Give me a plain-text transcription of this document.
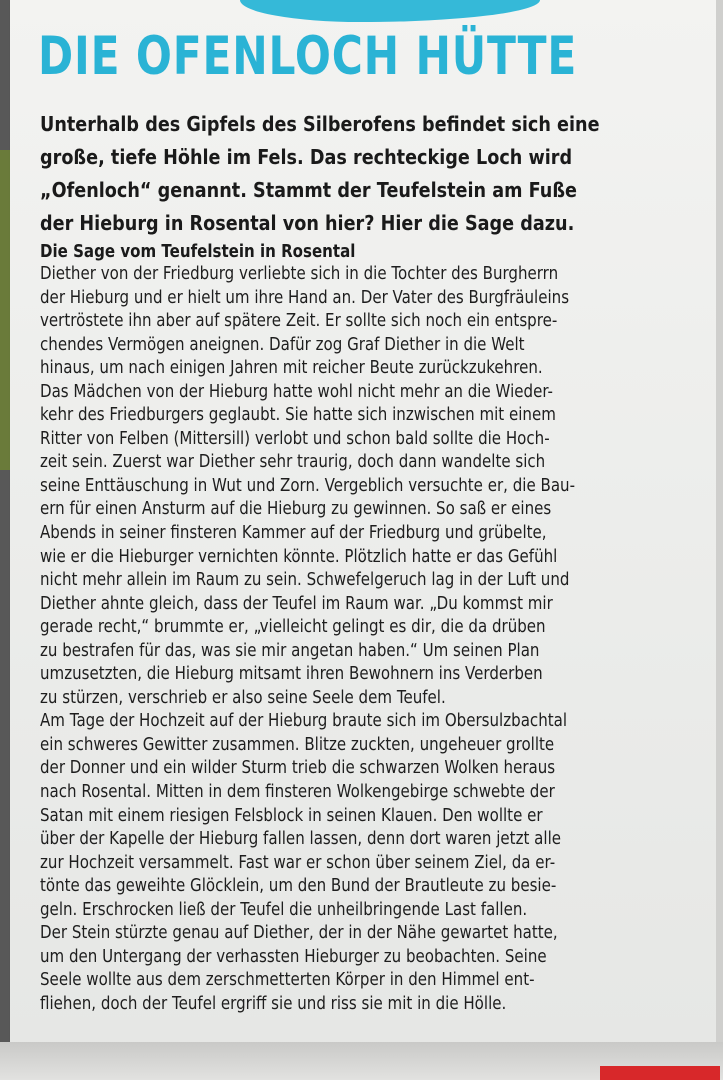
DIE OFENLOCH HÜTTE

Unterhalb des Gipfels des Silberofens befindet sich eine
große, tiefe Höhle im Fels. Das rechteckige Loch wird
„Ofenloch“ genannt. Stammt der Teufelstein am Fuße
der Hieburg in Rosental von hier? Hier die Sage dazu.

Die Sage vom Teufelstein in Rosental
Diether von der Friedburg verliebte sich in die Tochter des Burgherrn
der Hieburg und er hielt um ihre Hand an. Der Vater des Burgfräuleins
vertröstete ihn aber auf spätere Zeit. Er sollte sich noch ein entspre-
chendes Vermögen aneignen. Dafür zog Graf Diether in die Welt
hinaus, um nach einigen Jahren mit reicher Beute zurückzukehren.
Das Mädchen von der Hieburg hatte wohl nicht mehr an die Wieder-
kehr des Friedburgers geglaubt. Sie hatte sich inzwischen mit einem
Ritter von Felben (Mittersill) verlobt und schon bald sollte die Hoch-
zeit sein. Zuerst war Diether sehr traurig, doch dann wandelte sich
seine Enttäuschung in Wut und Zorn. Vergeblich versuchte er, die Bau-
ern für einen Ansturm auf die Hieburg zu gewinnen. So saß er eines
Abends in seiner finsteren Kammer auf der Friedburg und grübelte,
wie er die Hieburger vernichten könnte. Plötzlich hatte er das Gefühl
nicht mehr allein im Raum zu sein. Schwefelgeruch lag in der Luft und
Diether ahnte gleich, dass der Teufel im Raum war. „Du kommst mir
gerade recht,“ brummte er, „vielleicht gelingt es dir, die da drüben
zu bestrafen für das, was sie mir angetan haben.“ Um seinen Plan
umzusetzten, die Hieburg mitsamt ihren Bewohnern ins Verderben
zu stürzen, verschrieb er also seine Seele dem Teufel.
Am Tage der Hochzeit auf der Hieburg braute sich im Obersulzbachtal
ein schweres Gewitter zusammen. Blitze zuckten, ungeheuer grollte
der Donner und ein wilder Sturm trieb die schwarzen Wolken heraus
nach Rosental. Mitten in dem finsteren Wolkengebirge schwebte der
Satan mit einem riesigen Felsblock in seinen Klauen. Den wollte er
über der Kapelle der Hieburg fallen lassen, denn dort waren jetzt alle
zur Hochzeit versammelt. Fast war er schon über seinem Ziel, da er-
tönte das geweihte Glöcklein, um den Bund der Brautleute zu besie-
geln. Erschrocken ließ der Teufel die unheilbringende Last fallen.
Der Stein stürzte genau auf Diether, der in der Nähe gewartet hatte,
um den Untergang der verhassten Hieburger zu beobachten. Seine
Seele wollte aus dem zerschmetterten Körper in den Himmel ent-
fliehen, doch der Teufel ergriff sie und riss sie mit in die Hölle.
